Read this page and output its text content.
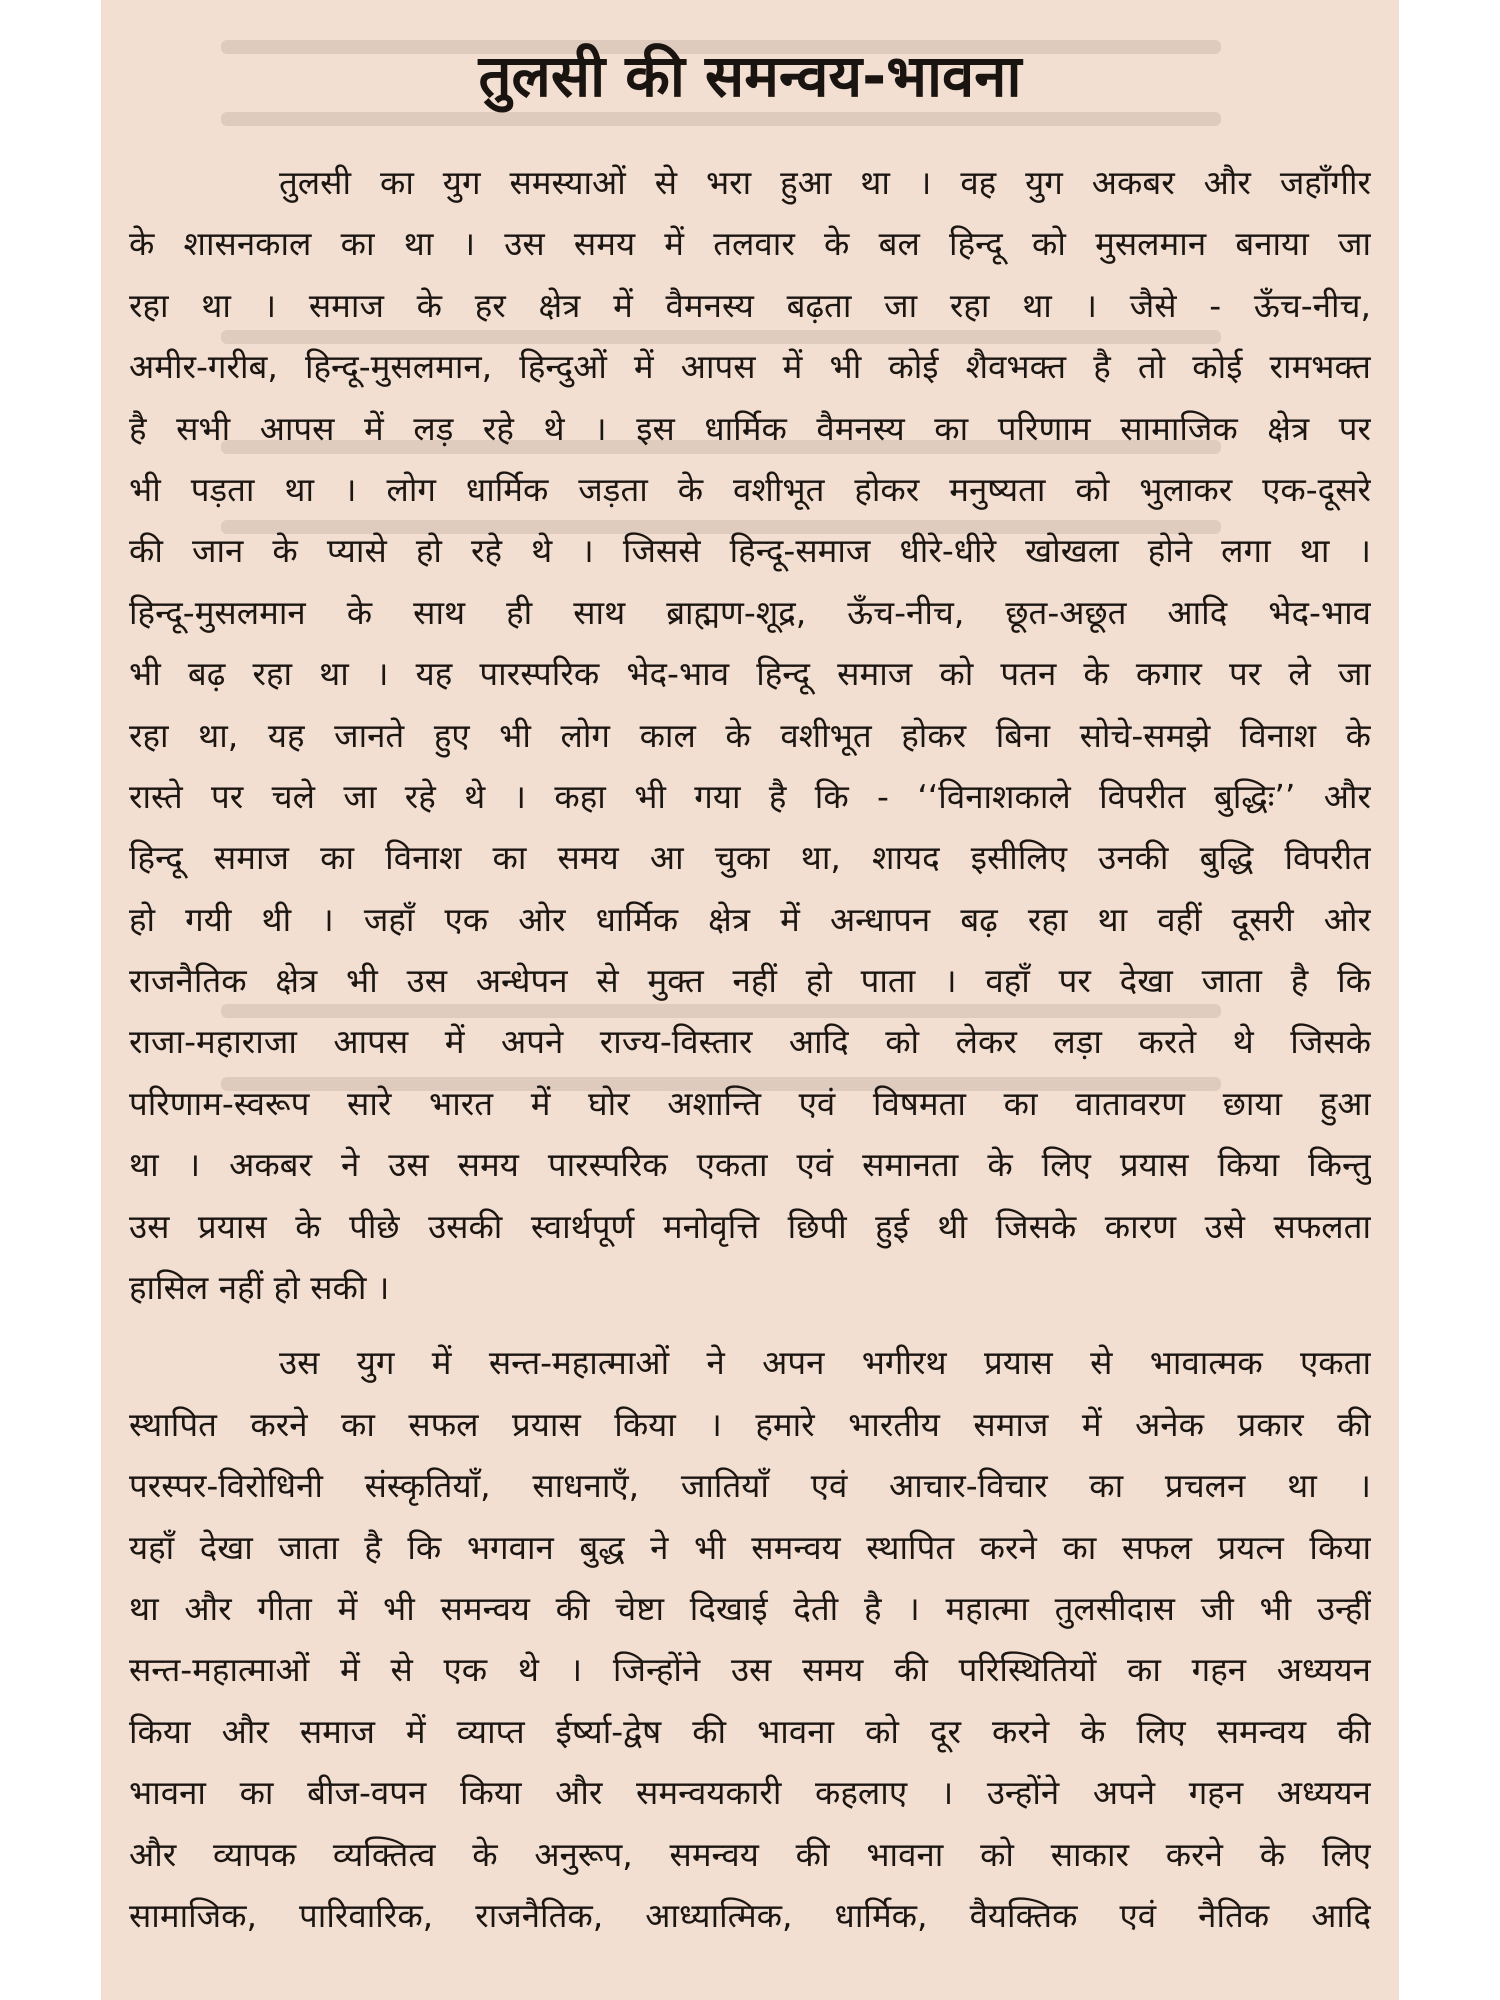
तुलसी की समन्वय-भावना
तुलसी का युग समस्याओं से भरा हुआ था । वह युग अकबर और जहाँगीर
के शासनकाल का था । उस समय में तलवार के बल हिन्दू को मुसलमान बनाया जा
रहा था । समाज के हर क्षेत्र में वैमनस्य बढ़ता जा रहा था । जैसे - ऊँच-नीच,
अमीर-गरीब, हिन्दू-मुसलमान, हिन्दुओं में आपस में भी कोई शैवभक्त है तो कोई रामभक्त
है सभी आपस में लड़ रहे थे । इस धार्मिक वैमनस्य का परिणाम सामाजिक क्षेत्र पर
भी पड़ता था । लोग धार्मिक जड़ता के वशीभूत होकर मनुष्यता को भुलाकर एक-दूसरे
की जान के प्यासे हो रहे थे । जिससे हिन्दू-समाज धीरे-धीरे खोखला होने लगा था ।
हिन्दू-मुसलमान के साथ ही साथ ब्राह्मण-शूद्र, ऊँच-नीच, छूत-अछूत आदि भेद-भाव
भी बढ़ रहा था । यह पारस्परिक भेद-भाव हिन्दू समाज को पतन के कगार पर ले जा
रहा था, यह जानते हुए भी लोग काल के वशीभूत होकर बिना सोचे-समझे विनाश के
रास्ते पर चले जा रहे थे । कहा भी गया है कि - ‘‘विनाशकाले विपरीत बुद्धिः’’ और
हिन्दू समाज का विनाश का समय आ चुका था, शायद इसीलिए उनकी बुद्धि विपरीत
हो गयी थी । जहाँ एक ओर धार्मिक क्षेत्र में अन्धापन बढ़ रहा था वहीं दूसरी ओर
राजनैतिक क्षेत्र भी उस अन्धेपन से मुक्त नहीं हो पाता । वहाँ पर देखा जाता है कि
राजा-महाराजा आपस में अपने राज्य-विस्तार आदि को लेकर लड़ा करते थे जिसके
परिणाम-स्वरूप सारे भारत में घोर अशान्ति एवं विषमता का वातावरण छाया हुआ
था । अकबर ने उस समय पारस्परिक एकता एवं समानता के लिए प्रयास किया किन्तु
उस प्रयास के पीछे उसकी स्वार्थपूर्ण मनोवृत्ति छिपी हुई थी जिसके कारण उसे सफलता
हासिल नहीं हो सकी ।
उस युग में सन्त-महात्माओं ने अपन भगीरथ प्रयास से भावात्मक एकता
स्थापित करने का सफल प्रयास किया । हमारे भारतीय समाज में अनेक प्रकार की
परस्पर-विरोधिनी संस्कृतियाँ, साधनाएँ, जातियाँ एवं आचार-विचार का प्रचलन था ।
यहाँ देखा जाता है कि भगवान बुद्ध ने भी समन्वय स्थापित करने का सफल प्रयत्न किया
था और गीता में भी समन्वय की चेष्टा दिखाई देती है । महात्मा तुलसीदास जी भी उन्हीं
सन्त-महात्माओं में से एक थे । जिन्होंने उस समय की परिस्थितियों का गहन अध्ययन
किया और समाज में व्याप्त ईर्ष्या-द्वेष की भावना को दूर करने के लिए समन्वय की
भावना का बीज-वपन किया और समन्वयकारी कहलाए । उन्होंने अपने गहन अध्ययन
और व्यापक व्यक्तित्व के अनुरूप, समन्वय की भावना को साकार करने के लिए
सामाजिक, पारिवारिक, राजनैतिक, आध्यात्मिक, धार्मिक, वैयक्तिक एवं नैतिक आदि
